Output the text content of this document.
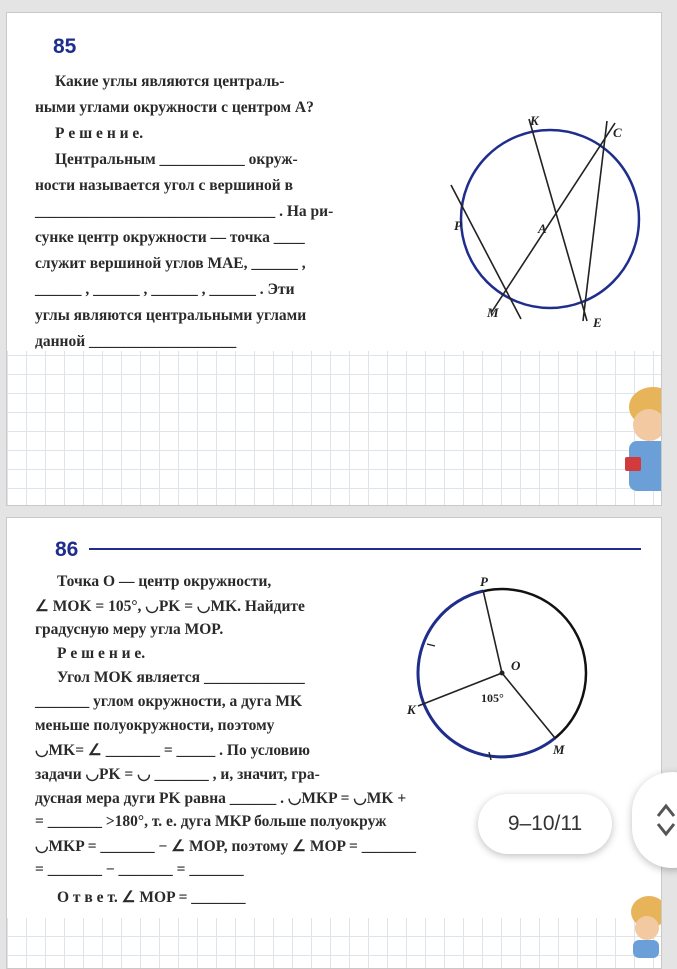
85
Какие углы являются централь-
ными углами окружности с центром A?
Р е ш е н и е.
Центральным ___________ окруж-
ности называется угол с вершиной в
_______________________________ . На ри-
сунке центр окружности — точка ____
служит вершиной углов MAE, ______ ,
______ , ______ , ______ , ______ . Эти
углы являются центральными углами
данной ___________________
K
C
P	A
M
E
86
Точка O — центр окружности,
∠ MOK = 105°, ◡PK = ◡MK. Найдите
градусную меру угла MOP.
Р е ш е н и е.
Угол MOK является _____________
_______ углом окружности, а дуга MK
меньше полуокружности, поэтому
◡MK= ∠ _______ = _____ . По условию
задачи ◡PK = ◡ _______ , и, значит, гра-
дусная мера дуги PK равна ______ . ◡MKP = ◡MK +
= _______ >180°, т. е. дуга MKP больше полуокруж
◡MKP = _______ − ∠ MOP, поэтому ∠ MOP = _______
= _______ − _______ = _______
О т в е т. ∠ MOP = _______
P
O
K
M
105°
9–10/11
